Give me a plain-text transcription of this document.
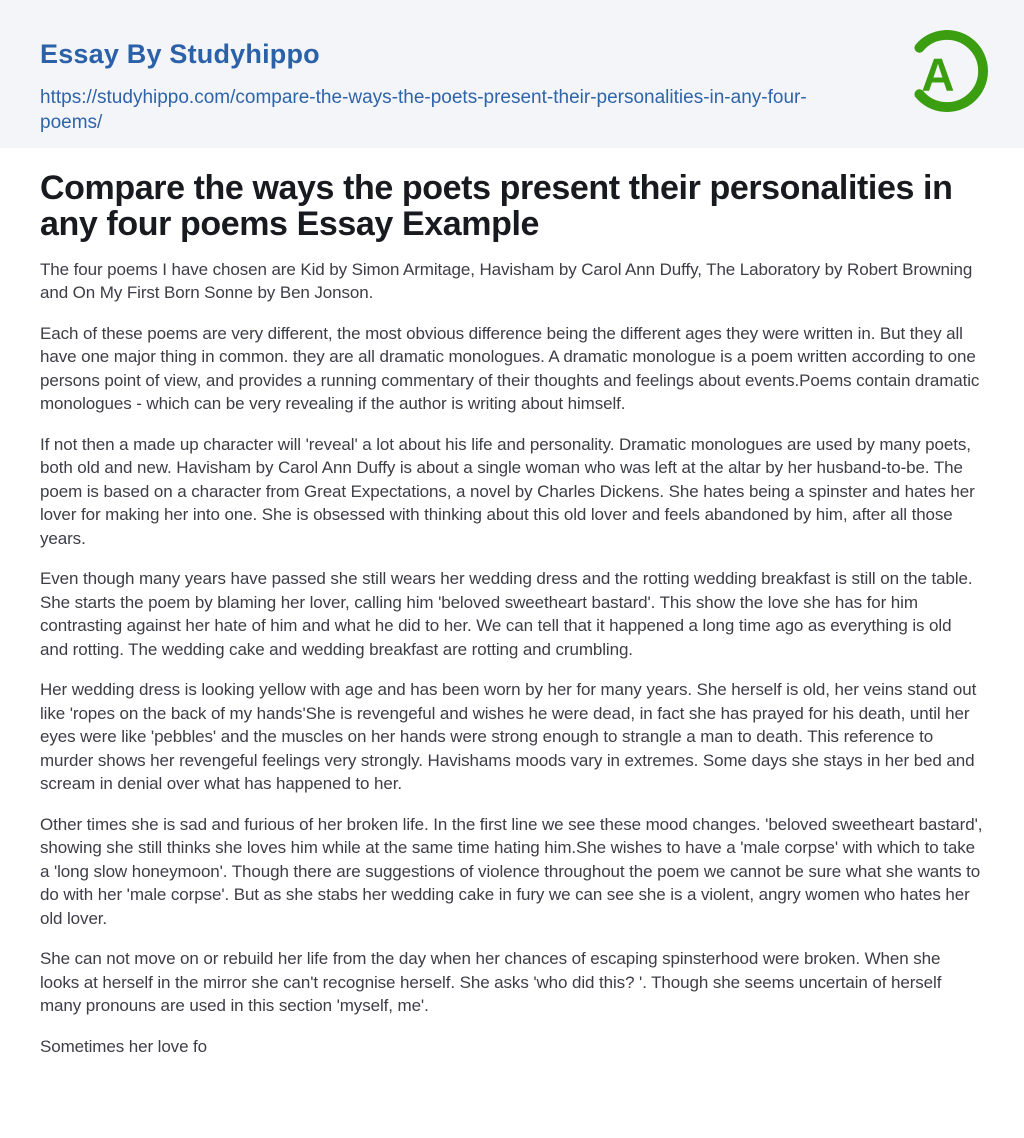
Essay By Studyhippo
https://studyhippo.com/compare-the-ways-the-poets-present-their-personalities-in-any-four-poems/
A
Compare the ways the poets present their personalities in any four poems Essay Example

The four poems I have chosen are Kid by Simon Armitage, Havisham by Carol Ann Duffy, The Laboratory by Robert Browning and On My First Born Sonne by Ben Jonson.

Each of these poems are very different, the most obvious difference being the different ages they were written in. But they all have one major thing in common. they are all dramatic monologues. A dramatic monologue is a poem written according to one persons point of view, and provides a running commentary of their thoughts and feelings about events.Poems contain dramatic monologues - which can be very revealing if the author is writing about himself.

If not then a made up character will 'reveal' a lot about his life and personality. Dramatic monologues are used by many poets, both old and new. Havisham by Carol Ann Duffy is about a single woman who was left at the altar by her husband-to-be. The poem is based on a character from Great Expectations, a novel by Charles Dickens. She hates being a spinster and hates her lover for making her into one. She is obsessed with thinking about this old lover and feels abandoned by him, after all those years.

Even though many years have passed she still wears her wedding dress and the rotting wedding breakfast is still on the table. She starts the poem by blaming her lover, calling him 'beloved sweetheart bastard'. This show the love she has for him contrasting against her hate of him and what he did to her. We can tell that it happened a long time ago as everything is old and rotting. The wedding cake and wedding breakfast are rotting and crumbling.

Her wedding dress is looking yellow with age and has been worn by her for many years. She herself is old, her veins stand out like 'ropes on the back of my hands'She is revengeful and wishes he were dead, in fact she has prayed for his death, until her eyes were like 'pebbles' and the muscles on her hands were strong enough to strangle a man to death. This reference to murder shows her revengeful feelings very strongly. Havishams moods vary in extremes. Some days she stays in her bed and scream in denial over what has happened to her.

Other times she is sad and furious of her broken life. In the first line we see these mood changes. 'beloved sweetheart bastard', showing she still thinks she loves him while at the same time hating him.She wishes to have a 'male corpse' with which to take a 'long slow honeymoon'. Though there are suggestions of violence throughout the poem we cannot be sure what she wants to do with her 'male corpse'. But as she stabs her wedding cake in fury we can see she is a violent, angry women who hates her old lover.

She can not move on or rebuild her life from the day when her chances of escaping spinsterhood were broken. When she looks at herself in the mirror she can't recognise herself. She asks 'who did this? '. Though she seems uncertain of herself many pronouns are used in this section 'myself, me'.

Sometimes her love fo
